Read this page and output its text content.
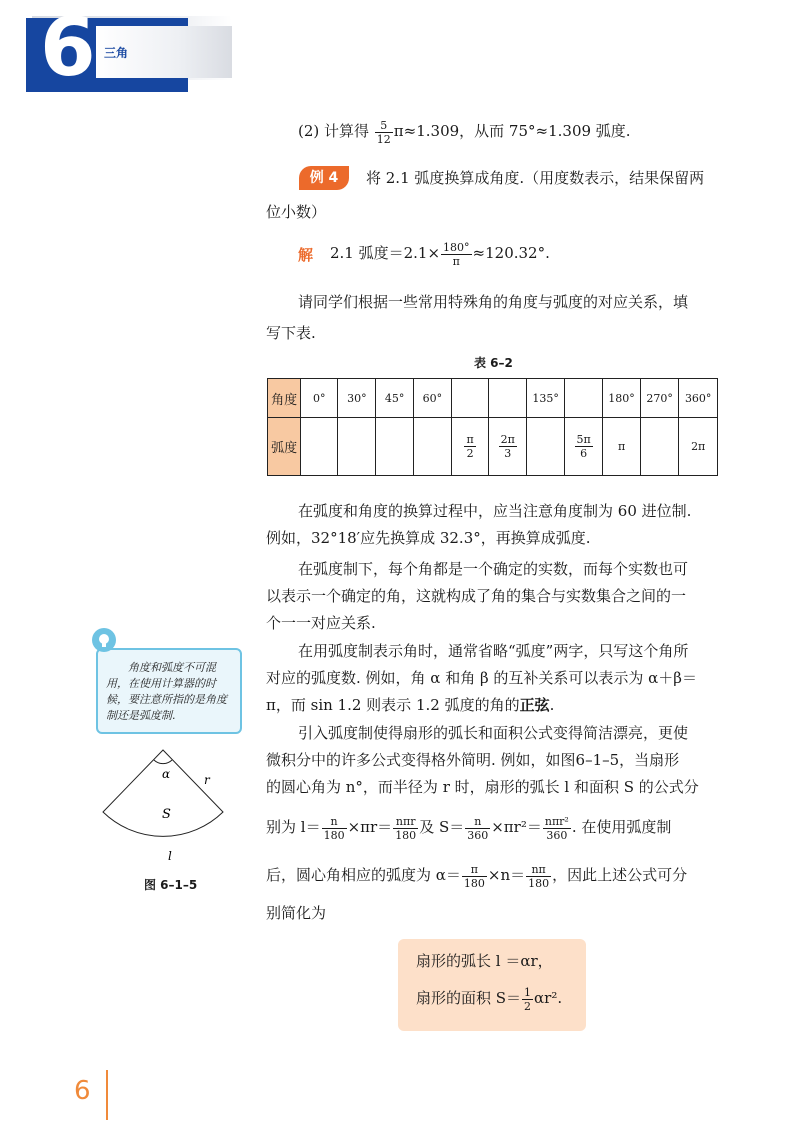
6 三角
(2) 计算得 $\frac{5}{12} \pi\approx 1.309$，从而 75°≈1.309 弧度.
例 4	将 2.1 弧度换算成角度.（用度数表示，结果保留两
位小数）
解 2.1 弧度$=2.1\times \frac{180^\circ}{\pi} \approx 120.32^\circ$.
请同学们根据一些常用特殊角的角度与弧度的对应关系，填
写下表.
表 6–2
角度	0°	30°	45°	60°			135°		180°	270°	360°
弧度					$\frac{\pi}{2}$	$\frac{2\pi}{3}$		$\frac{5\pi}{6}$	π		2π
在弧度和角度的换算过程中，应当注意角度制为 60 进位制.
例如，32°18′应先换算成 32.3°，再换算成弧度.
在弧度制下，每个角都是一个确定的实数，而每个实数也可
以表示一个确定的角，这就构成了角的集合与实数集合之间的一
个一一对应关系.
在用弧度制表示角时，通常省略“弧度”两字，只写这个角所
对应的弧度数. 例如，角 α 和角 β 的互补关系可以表示为 α＋β＝
π，而 sin 1.2 则表示 1.2 弧度的角的正弦.
引入弧度制使得扇形的弧长和面积公式变得简洁漂亮，更使
微积分中的许多公式变得格外简明. 例如，如图6–1–5，当扇形
的圆心角为 n°，而半径为 r 时，扇形的弧长 l 和面积 S 的公式分
别为 $l= \frac{n}{180} \times\pi r= \frac{\text{nπr}}{180}$ 及 $S= \frac{n}{360} \times\pi r^2= \frac{\text{nπr²}}{360}$ . 在使用弧度制
后，圆心角相应的弧度为 $\alpha= \frac{\pi}{180} \times n= \frac{n\pi}{180}$ ，因此上述公式可分
别简化为
扇形的弧长 l ＝αr，
扇形的面积 $S= \frac{1}{2} \alpha r^2$.
角度和弧度不可混用，在使用计算器的时候，要注意所指的是角度制还是弧度制.
α	r
S
l
图 6–1–5
6
